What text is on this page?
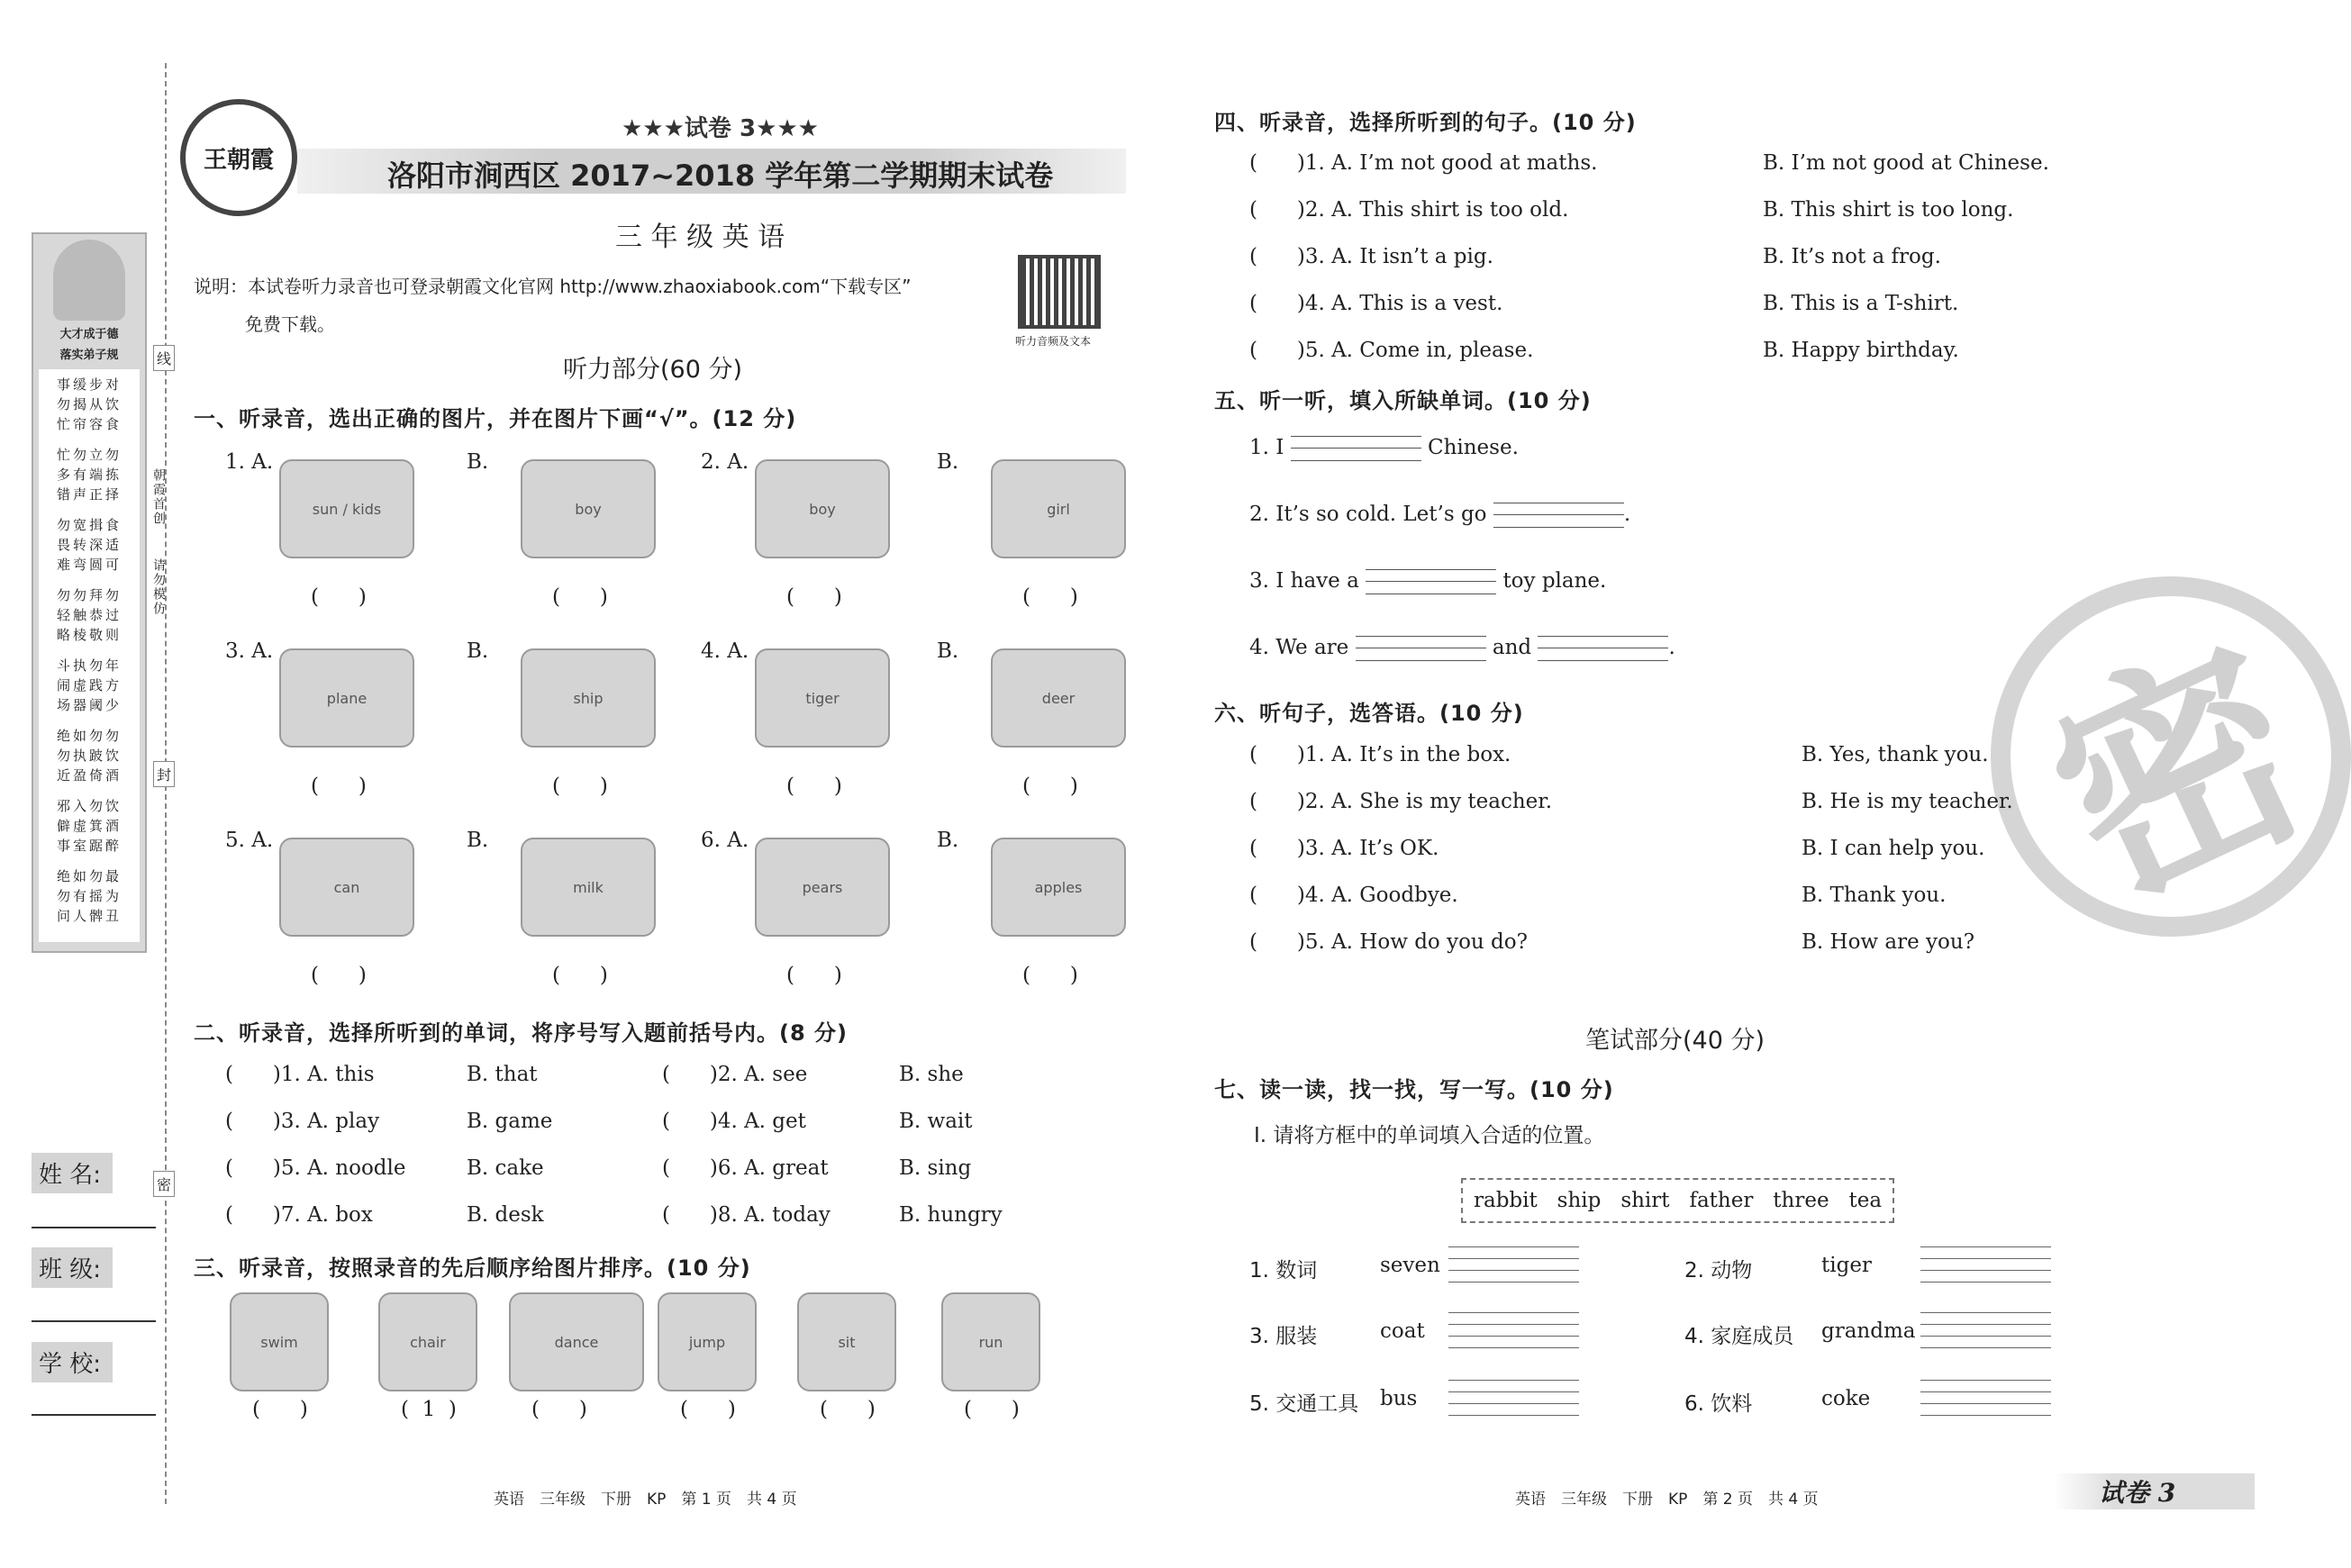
大才成于德
落实弟子规
事缓步对
勿揭从饮
忙帘容食
忙勿立勿
多有端拣
错声正择
勿宽揖食
畏转深适
难弯圆可
勿勿拜勿
轻触恭过
略棱敬则
斗执勿年
闹虚践方
场器阈少
绝如勿勿
勿执跛饮
近盈倚酒
邪入勿饮
僻虚箕酒
事室踞醉
绝如勿最
勿有摇为
问人髀丑
朝霞首创
请勿模仿
线
封
密
姓 名:
班 级:
学 校:
王朝霞
★★★试卷 3★★★
洛阳市涧西区 2017~2018 学年第二学期期末试卷
三 年 级 英 语
说明：本试卷听力录音也可登录朝霞文化官网 http://www.zhaoxiabook.com“下载专区”
免费下载。
听力音频及文本
听力部分(60 分)
一、听录音，选出正确的图片，并在图片下画“√”。(12 分)
1. A.
sun / kids
(      )
B.
boy
(      )
2. A.
boy
(      )
B.
girl
(      )
3. A.
plane
(      )
B.
ship
(      )
4. A.
tiger
(      )
B.
deer
(      )
5. A.
can
(      )
B.
milk
(      )
6. A.
pears
(      )
B.
apples
(      )
二、听录音，选择所听到的单词，将序号写入题前括号内。(8 分)
(      )1. A. this	B. that	(      )2. A. see	B. she
(      )3. A. play	B. game	(      )4. A. get	B. wait
(      )5. A. noodle	B. cake	(      )6. A. great	B. sing
(      )7. A. box	B. desk	(      )8. A. today	B. hungry
三、听录音，按照录音的先后顺序给图片排序。(10 分)
swim
(      )
chair
(  1  )
dance
(      )
jump
(      )
sit
(      )
run
(      )
英语　三年级　下册　KP　第 1 页　共 4 页
密
四、听录音，选择所听到的句子。(10 分)
(      )1. A. I’m not good at maths.	B. I’m not good at Chinese.
(      )2. A. This shirt is too old.	B. This shirt is too long.
(      )3. A. It isn’t a pig.	B. It’s not a frog.
(      )4. A. This is a vest.	B. This is a T-shirt.
(      )5. A. Come in, please.	B. Happy birthday.
五、听一听，填入所缺单词。(10 分)
1. I	Chinese.
2. It’s so cold. Let’s go	.
3. I have a	toy plane.
4. We are	and	.
六、听句子，选答语。(10 分)
(      )1. A. It’s in the box.	B. Yes, thank you.
(      )2. A. She is my teacher.	B. He is my teacher.
(      )3. A. It’s OK.	B. I can help you.
(      )4. A. Goodbye.	B. Thank you.
(      )5. A. How do you do?	B. How are you?
笔试部分(40 分)
七、读一读，找一找，写一写。(10 分)
Ⅰ. 请将方框中的单词填入合适的位置。
rabbit   ship   shirt   father   three   tea
1. 数词	seven	2. 动物	tiger
3. 服装	coat	4. 家庭成员 grandma
5. 交通工具 bus	6. 饮料	coke
英语　三年级　下册　KP　第 2 页　共 4 页	试卷 3
